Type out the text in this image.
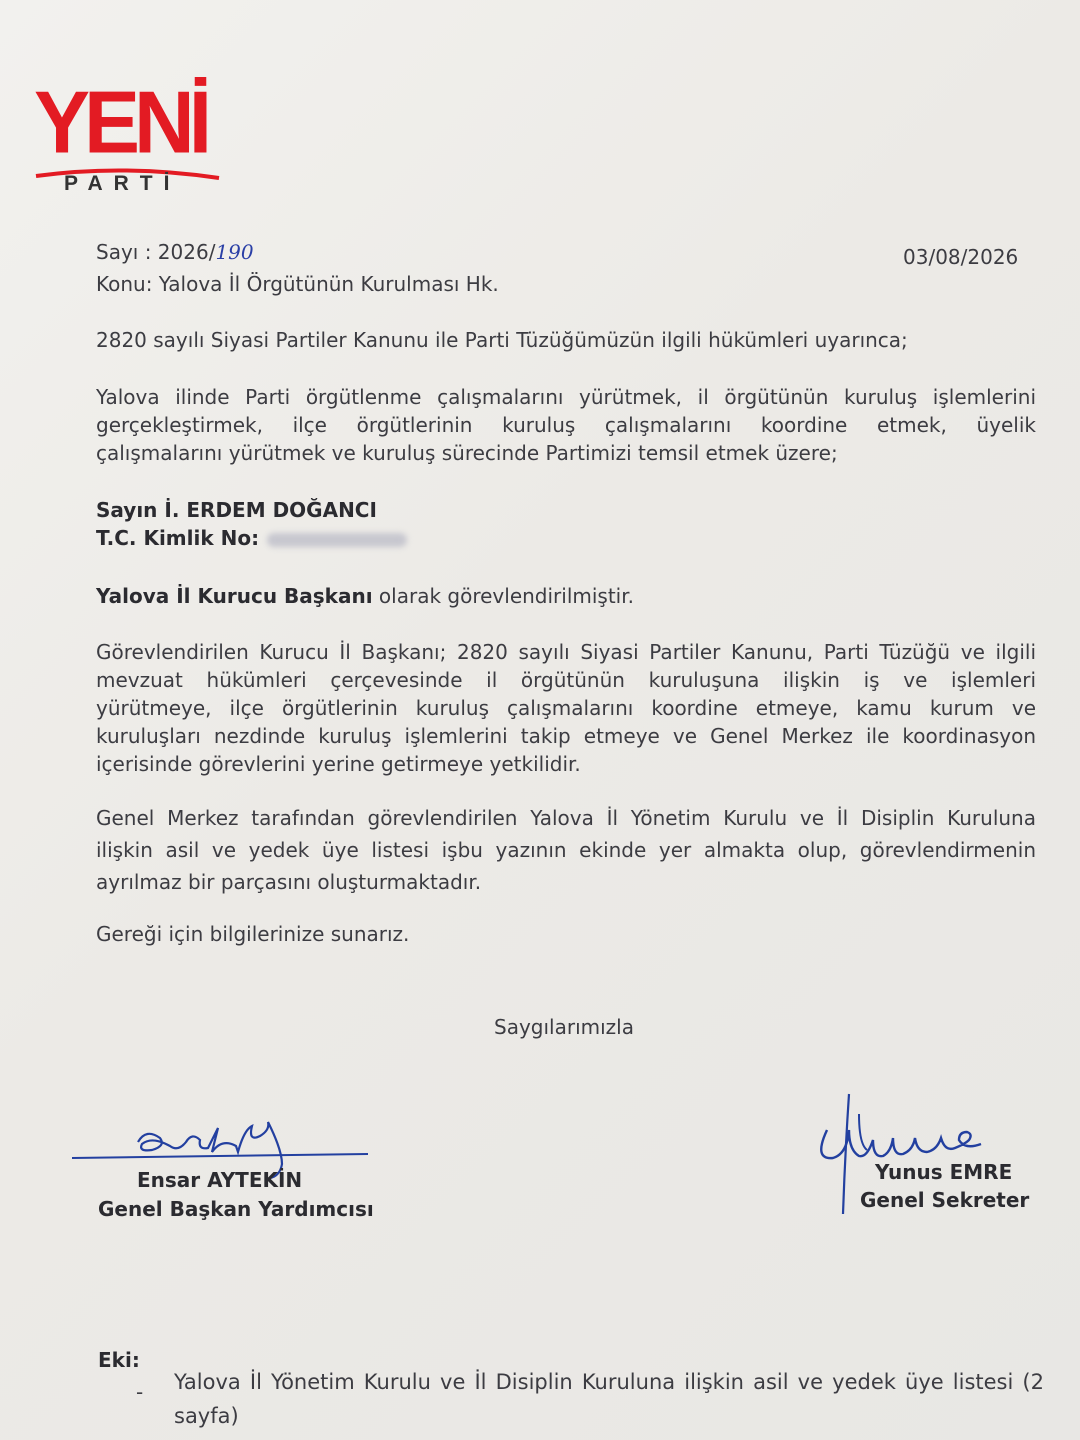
YENİ
PARTİ
Sayı : 2026/190	03/08/2026
Konu: Yalova İl Örgütünün Kurulması Hk.
2820 sayılı Siyasi Partiler Kanunu ile Parti Tüzüğümüzün ilgili hükümleri uyarınca;
Yalova ilinde Parti örgütlenme çalışmalarını yürütmek, il örgütünün kuruluş işlemlerini
gerçekleştirmek, ilçe örgütlerinin kuruluş çalışmalarını koordine etmek, üyelik
çalışmalarını yürütmek ve kuruluş sürecinde Partimizi temsil etmek üzere;
Sayın İ. ERDEM DOĞANCI
T.C. Kimlik No:
Yalova İl Kurucu Başkanı olarak görevlendirilmiştir.
Görevlendirilen Kurucu İl Başkanı; 2820 sayılı Siyasi Partiler Kanunu, Parti Tüzüğü ve ilgili
mevzuat hükümleri çerçevesinde il örgütünün kuruluşuna ilişkin iş ve işlemleri
yürütmeye, ilçe örgütlerinin kuruluş çalışmalarını koordine etmeye, kamu kurum ve
kuruluşları nezdinde kuruluş işlemlerini takip etmeye ve Genel Merkez ile koordinasyon
içerisinde görevlerini yerine getirmeye yetkilidir.
Genel Merkez tarafından görevlendirilen Yalova İl Yönetim Kurulu ve İl Disiplin Kuruluna
ilişkin asil ve yedek üye listesi işbu yazının ekinde yer almakta olup, görevlendirmenin
ayrılmaz bir parçasını oluşturmaktadır.
Gereği için bilgilerinize sunarız.
Saygılarımızla
Ensar AYTEKİN
Genel Başkan Yardımcısı
Yunus EMRE
Genel Sekreter
Eki:
- Yalova İl Yönetim Kurulu ve İl Disiplin Kuruluna ilişkin asil ve yedek üye listesi (2
sayfa)
